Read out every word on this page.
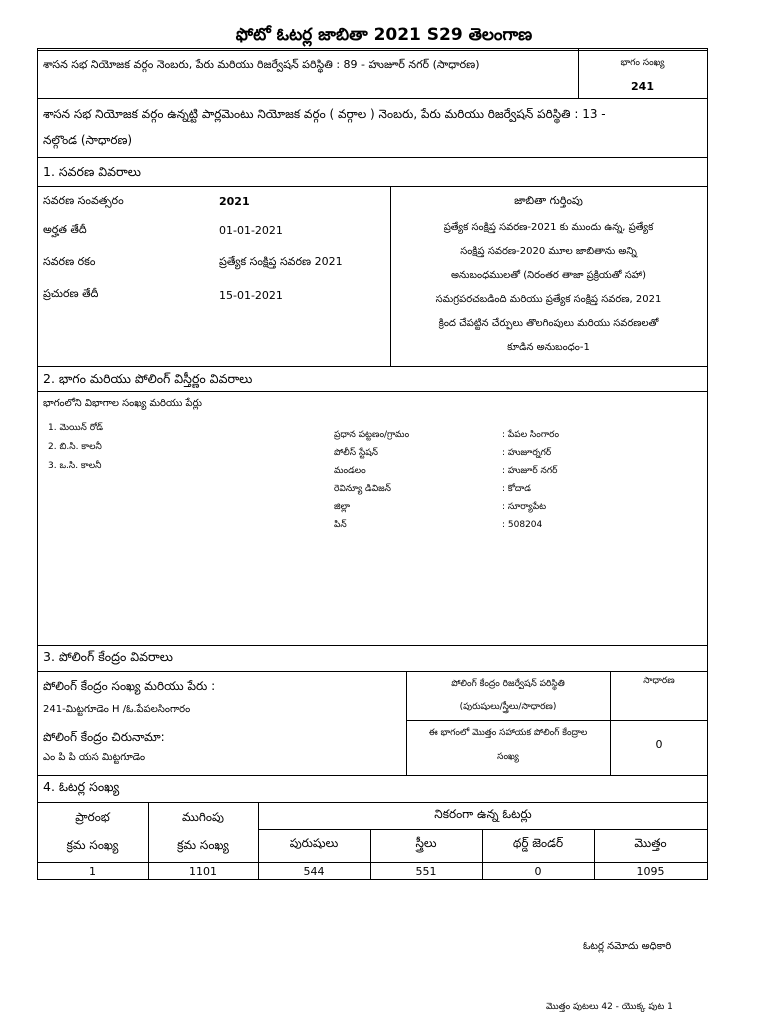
ఫోటో ఓటర్ల జాబితా 2021 S29 తెలంగాణ
శాసన సభ నియోజక వర్గం నెంబరు, పేరు మరియు రిజర్వేషన్ పరిస్థితి : 89 - హుజూర్ నగర్ (సాధారణ)	భాగం సంఖ్య
241
శాసన సభ నియోజక వర్గం ఉన్నట్టి పార్లమెంటు నియోజక వర్గం ( వర్గాల ) నెంబరు, పేరు మరియు రిజర్వేషన్ పరిస్థితి : 13 -
నల్గొండ (సాధారణ)
1. సవరణ వివరాలు
సవరణ సంవత్సరం	2021
అర్హత తేదీ	01-01-2021
సవరణ రకం	ప్రత్యేక సంక్షిప్త సవరణ 2021
ప్రచురణ తేదీ	15-01-2021
జాబితా గుర్తింపు
ప్రత్యేక సంక్షిప్త సవరణ-2021 కు ముందు ఉన్న, ప్రత్యేక
సంక్షిప్త సవరణ-2020 మూల జాబితాను అన్ని
అనుబంధములతో (నిరంతర తాజా ప్రక్రియతో సహా)
సమగ్రపరచబడింది మరియు ప్రత్యేక సంక్షిప్త సవరణ, 2021
క్రింద చేపట్టిన చేర్పులు తొలగింపులు మరియు సవరణలతో
కూడిన అనుబంధం-1
2. భాగం మరియు పోలింగ్ విస్తీర్ణం వివరాలు
భాగంలోని విభాగాల సంఖ్య మరియు పేర్లు
1. మెయిన్ రోడ్
2. బి.సి. కాలనీ
3. ఒ.సి. కాలనీ
ప్రధాన పట్టణం/గ్రామం	: పేపల సింగారం
పోలీస్ స్టేషన్	: హుజూర్నగర్
మండలం	: హుజూర్ నగర్
రెవిన్యూ డివిజన్	: కోదాడ
జిల్లా	: సూర్యాపేట
పిన్	: 508204
3. పోలింగ్ కేంద్రం వివరాలు
పోలింగ్ కేంద్రం సంఖ్య మరియు పేరు :
241-మిట్టగూడెం H /ఓ.పేపలసింగారం
పోలింగ్ కేంద్రం చిరునామా:
ఎం పి పి యస మిట్టగూడెం
పోలింగ్ కేంద్రం రిజర్వేషన్ పరిస్థితి
(పురుషులు/స్త్రీలు/సాధారణ)
సాధారణ
ఈ భాగంలో మొత్తం సహాయక పోలింగ్ కేంద్రాల
సంఖ్య
0
4. ఓటర్ల సంఖ్య
ప్రారంభ
క్రమ సంఖ్య
ముగింపు
క్రమ సంఖ్య
నికరంగా ఉన్న ఓటర్లు
పురుషులు	స్త్రీలు	థర్డ్ జెండర్	మొత్తం
1	1101	544	551	0	1095
ఓటర్ల నమోదు అధికారి
మొత్తం పుటలు 42 - యొక్క పుట 1
